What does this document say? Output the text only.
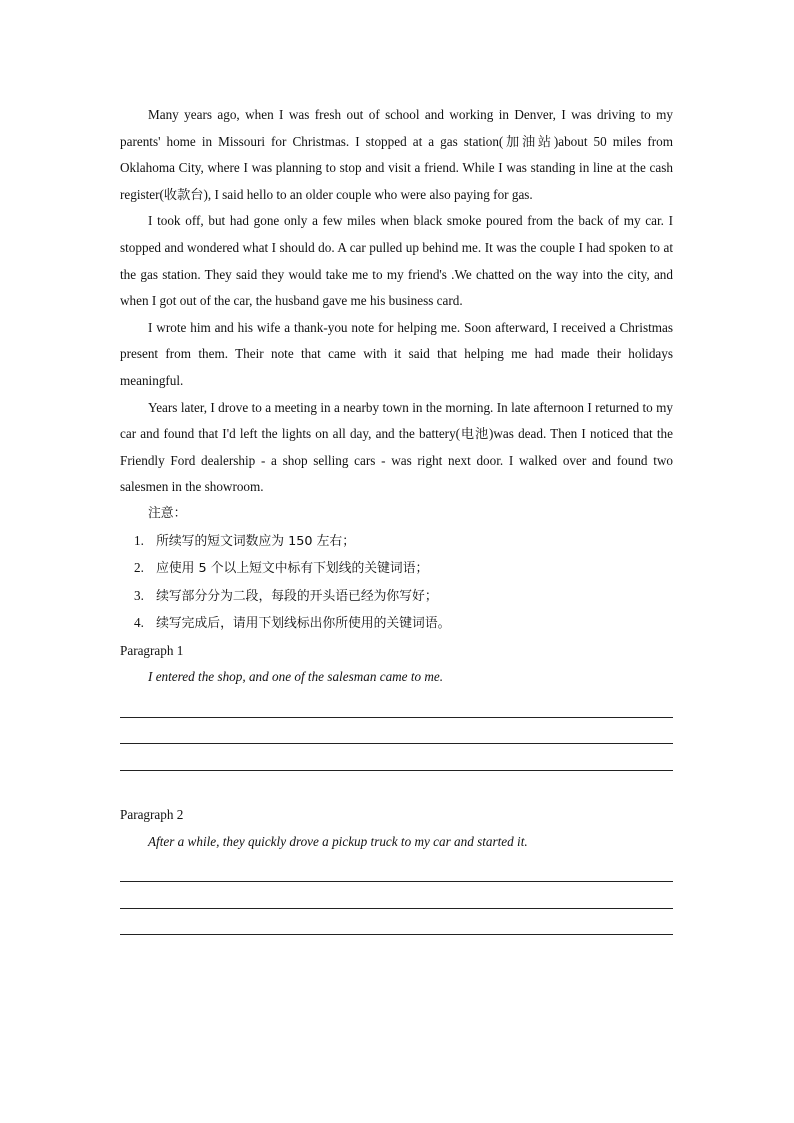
Many years ago, when I was fresh out of school and working in Denver, I was driving to my parents' home in Missouri for Christmas. I stopped at a gas station(加油站)about 50 miles from Oklahoma City, where I was planning to stop and visit a friend. While I was standing in line at the cash register(收款台), I said hello to an older couple who were also paying for gas.

I took off, but had gone only a few miles when black smoke poured from the back of my car. I stopped and wondered what I should do. A car pulled up behind me. It was the couple I had spoken to at the gas station. They said they would take me to my friend's .We chatted on the way into the city, and when I got out of the car, the husband gave me his business card.

I wrote him and his wife a thank-you note for helping me. Soon afterward, I received a Christmas present from them. Their note that came with it said that helping me had made their holidays meaningful.

Years later, I drove to a meeting in a nearby town in the morning. In late afternoon I returned to my car and found that I'd left the lights on all day, and the battery(电池)was dead. Then I noticed that the Friendly Ford dealership - a shop selling cars - was right next door. I walked over and found two salesmen in the showroom.

注意：

1. 所续写的短文词数应为 150 左右；
2. 应使用 5 个以上短文中标有下划线的关键词语；
3. 续写部分分为二段，每段的开头语已经为你写好；
4. 续写完成后，请用下划线标出你所使用的关键词语。

Paragraph 1

I entered the shop, and one of the salesman came to me.

Paragraph 2

After a while, they quickly drove a pickup truck to my car and started it.
